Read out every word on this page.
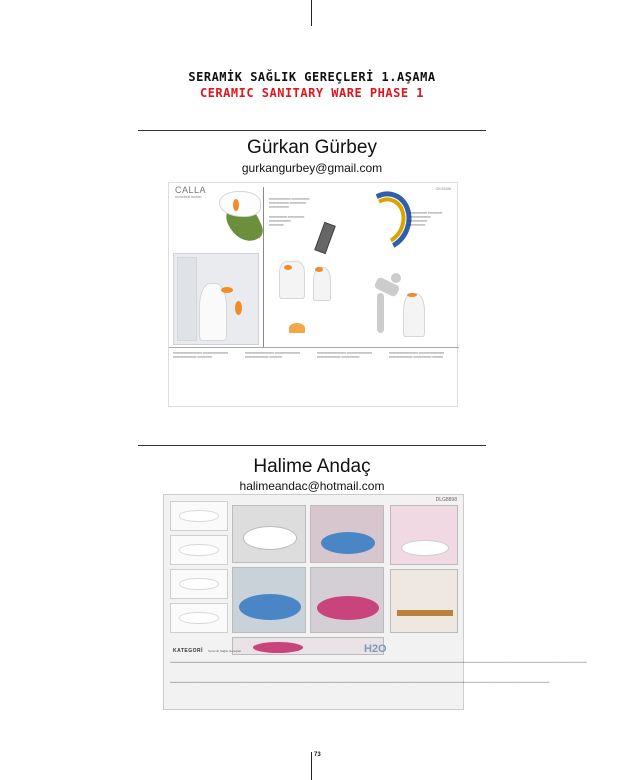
SERAMİK SAĞLIK GEREÇLERİ 1.AŞAMA
CERAMIC SANITARY WARE PHASE 1
Gürkan Gürbey
gurkangurbey@gmail.com
CALLA
monoblok lavabo
CKG0456
━━━━━━━━━━━━ ━━━━━━━━━━
━━━━━━━━━━━ ━━━━━━━━━
━━━━━━━━━━━
━━━━━━━━━━ ━━━━━━━━━
━━━━━━━━━━━━
━━━━━━━━
━━━━━━━━━━ ━━━━━━━━
━━━━━━━━━━━━
━━━━━━━━━━
━━━━━━━━━
━━━━━━━━━━━━━━━━ ━━━━━━━━━━━━━━ ━━━━━━━━━━━━━ ━━━━━━━━
━━━━━━━━━━━━━━━━ ━━━━━━━━━━━━━━ ━━━━━━━━━━━━━ ━━━━━━━
━━━━━━━━━━━━━━━━ ━━━━━━━━━━━━━━ ━━━━━━━━━━━━━ ━━━━━━━━━━
━━━━━━━━━━━━━━━━ ━━━━━━━━━━━━━━ ━━━━━━━━━━━━━ ━━━━━━━━━━ ━━━━━━
Halime Andaç
halimeandac@hotmail.com
DLG8898
KATEGORİ Seramik Sağlık Gereçleri	H2O
━━━━━━━━━━━━━━━━━━━━━━━━━━━━━━━━━━━━━━━━━━━━━━━━━━━━━━━━━━━━━━━━━━━━━━━━━━━━━━━━━━━━━━━━━━━━━━━━━━━━━━━━━━━━━━━━━━━━━━━━━━━━━━━━━━━━━━━━━━━━━━━━━━━━━━━━━━━━━━━━━━━━━━━━━━━━━━━━━━━━━━━━━━━━━━━━━━━━━━━━━━━━━━━━━━━━━━━━━━━━━━━━━━━━━━━━━━━━━━━━━━━━━━━━━━━━━━━━━━━━━━━━━━━
━━━━━━━━━━━━━━━━━━━━━━━━━━━━━━━━━━━━━━━━━━━━━━━━━━━━━━━━━━━━━━━━━━━━━━━━━━━━━━━━━━━━━━━━━━━━━━━━━━━━━━━━━━━━━━━━━━━━━━━━━━━━━━━━━━━━━━━━━━━━━━━━━━━━━━━━━━━━━━━━━━━━━━━━━━━━━━━━━━━━━━━━━━━━━━━━━━━━━━━━━━━━━━━━━━━━━━━━━━━━━━━━━━━━━━━━━━━━━━━━━━━
73
